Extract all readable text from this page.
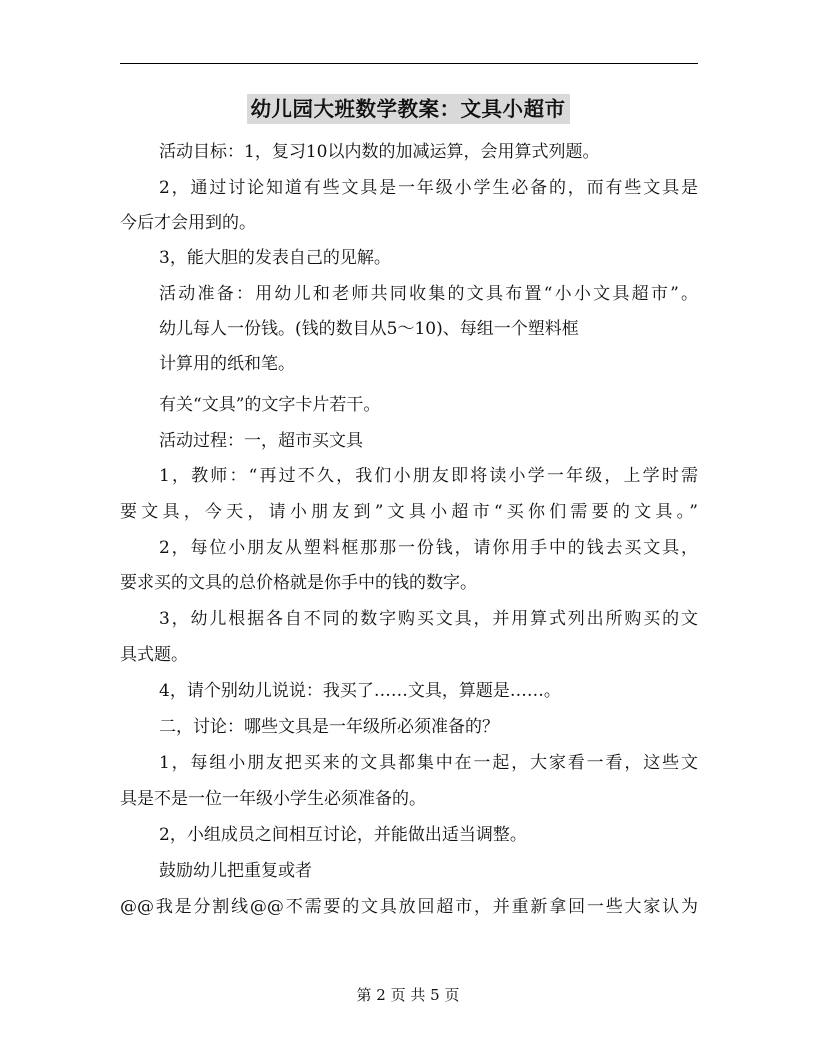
幼儿园大班数学教案：文具小超市
活动目标：1，复习10以内数的加减运算，会用算式列题。
2，通过讨论知道有些文具是一年级小学生必备的，而有些文具是
今后才会用到的。
3，能大胆的发表自己的见解。
活动准备：用幼儿和老师共同收集的文具布置“小小文具超市”。
幼儿每人一份钱。(钱的数目从5～10)、每组一个塑料框
计算用的纸和笔。
有关“文具”的文字卡片若干。
活动过程：一，超市买文具
1，教师：“再过不久，我们小朋友即将读小学一年级，上学时需
要文具，今天，请小朋友到”文具小超市“买你们需要的文具。”
2，每位小朋友从塑料框那那一份钱，请你用手中的钱去买文具，
要求买的文具的总价格就是你手中的钱的数字。
3，幼儿根据各自不同的数字购买文具，并用算式列出所购买的文
具式题。
4，请个别幼儿说说：我买了……文具，算题是……。
二，讨论：哪些文具是一年级所必须准备的？
1，每组小朋友把买来的文具都集中在一起，大家看一看，这些文
具是不是一位一年级小学生必须准备的。
2，小组成员之间相互讨论，并能做出适当调整。
鼓励幼儿把重复或者
@@我是分割线@@不需要的文具放回超市，并重新拿回一些大家认为
第 2 页 共 5 页
